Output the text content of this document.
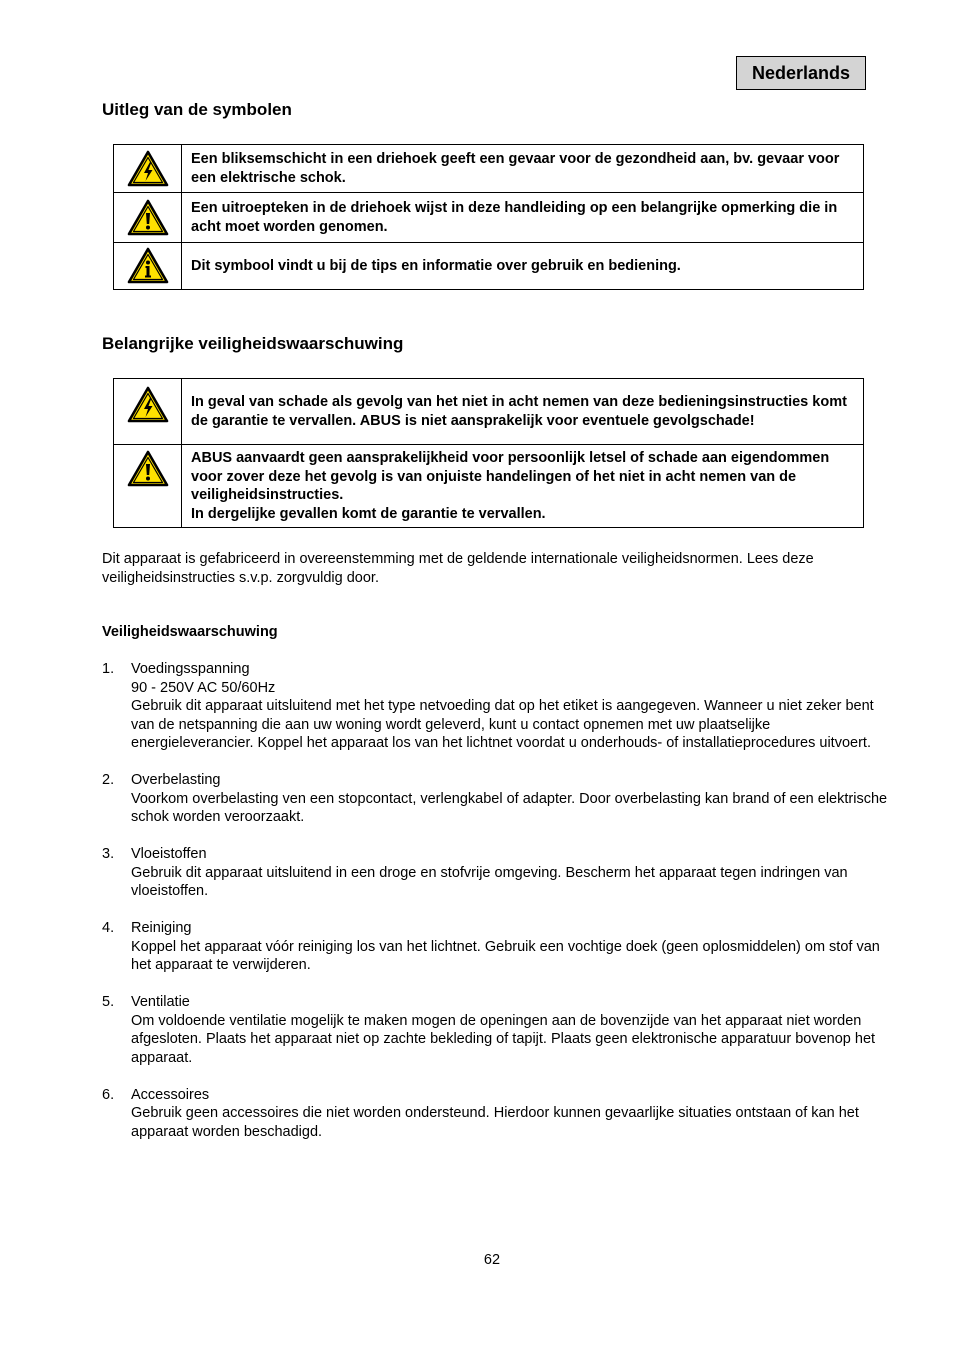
Nederlands
Uitleg van de symbolen
	Een bliksemschicht in een driehoek geeft een gevaar voor de gezondheid aan, bv. gevaar voor een elektrische schok.

	Een uitroepteken in de driehoek wijst in deze handleiding op een belangrijke opmerking die in acht moet worden genomen.

	Dit symbool vindt u bij de tips en informatie over gebruik en bediening.
Belangrijke veiligheidswaarschuwing
	In geval van schade als gevolg van het niet in acht nemen van deze bedieningsinstructies komt de garantie te vervallen. ABUS is niet aansprakelijk voor eventuele gevolgschade!

ABUS aanvaardt geen aansprakelijkheid voor persoonlijk letsel of schade aan eigendommen voor zover deze het gevolg is van onjuiste handelingen of het niet in acht nemen van de veiligheidsinstructies.
In dergelijke gevallen komt de garantie te vervallen.

Dit apparaat is gefabriceerd in overeenstemming met de geldende internationale veiligheidsnormen. Lees deze veiligheidsinstructies s.v.p. zorgvuldig door.

Veiligheidswaarschuwing
1. Voedingsspanning
90 - 250V AC 50/60Hz
Gebruik dit apparaat uitsluitend met het type netvoeding dat op het etiket is aangegeven. Wanneer u niet zeker bent van de netspanning die aan uw woning wordt geleverd, kunt u contact opnemen met uw plaatselijke energieleverancier. Koppel het apparaat los van het lichtnet voordat u onderhouds- of installatieprocedures uitvoert.
2. Overbelasting
Voorkom overbelasting ven een stopcontact, verlengkabel of adapter. Door overbelasting kan brand of een elektrische schok worden veroorzaakt.
3. Vloeistoffen
Gebruik dit apparaat uitsluitend in een droge en stofvrije omgeving. Bescherm het apparaat tegen indringen van vloeistoffen.
4. Reiniging
Koppel het apparaat vóór reiniging los van het lichtnet. Gebruik een vochtige doek (geen oplosmiddelen) om stof van het apparaat te verwijderen.
5. Ventilatie
Om voldoende ventilatie mogelijk te maken mogen de openingen aan de bovenzijde van het apparaat niet worden afgesloten. Plaats het apparaat niet op zachte bekleding of tapijt. Plaats geen elektronische apparatuur bovenop het apparaat.
6. Accessoires
Gebruik geen accessoires die niet worden ondersteund. Hierdoor kunnen gevaarlijke situaties ontstaan of kan het apparaat worden beschadigd.
62
